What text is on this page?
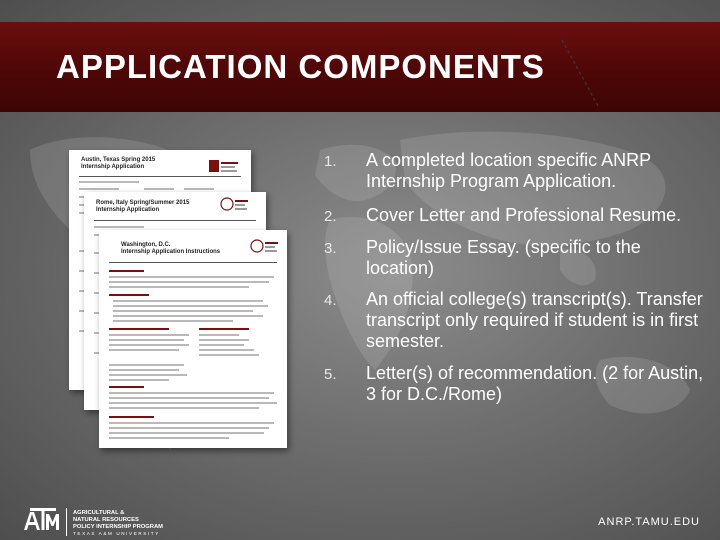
APPLICATION COMPONENTS
Austin, Texas Spring 2015
Internship Application
Rome, Italy Spring/Summer 2015
Internship Application
Washington, D.C.
Internship Application Instructions
1. A completed location specific ANRP Internship Program Application.
2. Cover Letter and Professional Resume.
3. Policy/Issue Essay. (specific to the location)
4. An official college(s) transcript(s). Transfer transcript only required if student is in first semester.
5. Letter(s) of recommendation. (2 for Austin, 3 for D.C./Rome)
AGRICULTURAL &
NATURAL RESOURCES
POLICY INTERNSHIP PROGRAM
TEXAS A&M UNIVERSITY
ANRP.TAMU.EDU
